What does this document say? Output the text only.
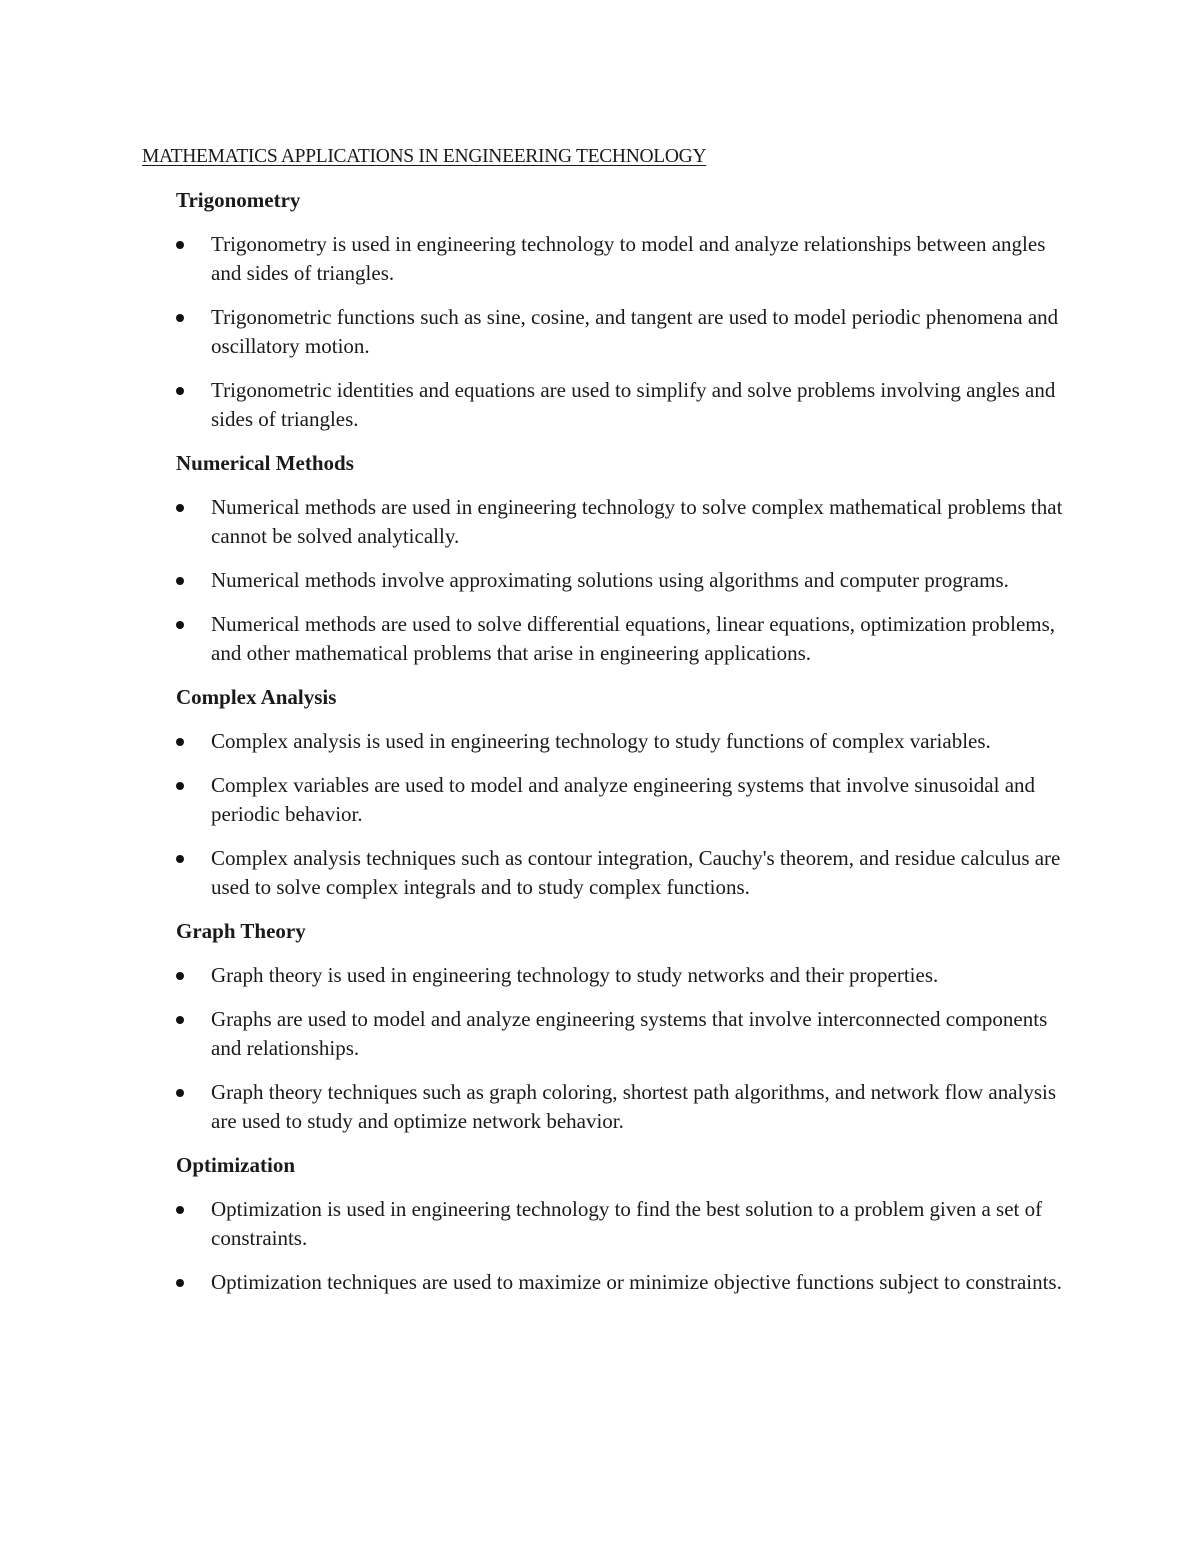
MATHEMATICS APPLICATIONS IN ENGINEERING TECHNOLOGY
Trigonometry
Trigonometry is used in engineering technology to model and analyze relationships between angles and sides of triangles.
Trigonometric functions such as sine, cosine, and tangent are used to model periodic phenomena and oscillatory motion.
Trigonometric identities and equations are used to simplify and solve problems involving angles and sides of triangles.
Numerical Methods
Numerical methods are used in engineering technology to solve complex mathematical problems that cannot be solved analytically.
Numerical methods involve approximating solutions using algorithms and computer programs.
Numerical methods are used to solve differential equations, linear equations, optimization problems, and other mathematical problems that arise in engineering applications.
Complex Analysis
Complex analysis is used in engineering technology to study functions of complex variables.
Complex variables are used to model and analyze engineering systems that involve sinusoidal and periodic behavior.
Complex analysis techniques such as contour integration, Cauchy's theorem, and residue calculus are used to solve complex integrals and to study complex functions.
Graph Theory
Graph theory is used in engineering technology to study networks and their properties.
Graphs are used to model and analyze engineering systems that involve interconnected components and relationships.
Graph theory techniques such as graph coloring, shortest path algorithms, and network flow analysis are used to study and optimize network behavior.
Optimization
Optimization is used in engineering technology to find the best solution to a problem given a set of constraints.
Optimization techniques are used to maximize or minimize objective functions subject to constraints.
